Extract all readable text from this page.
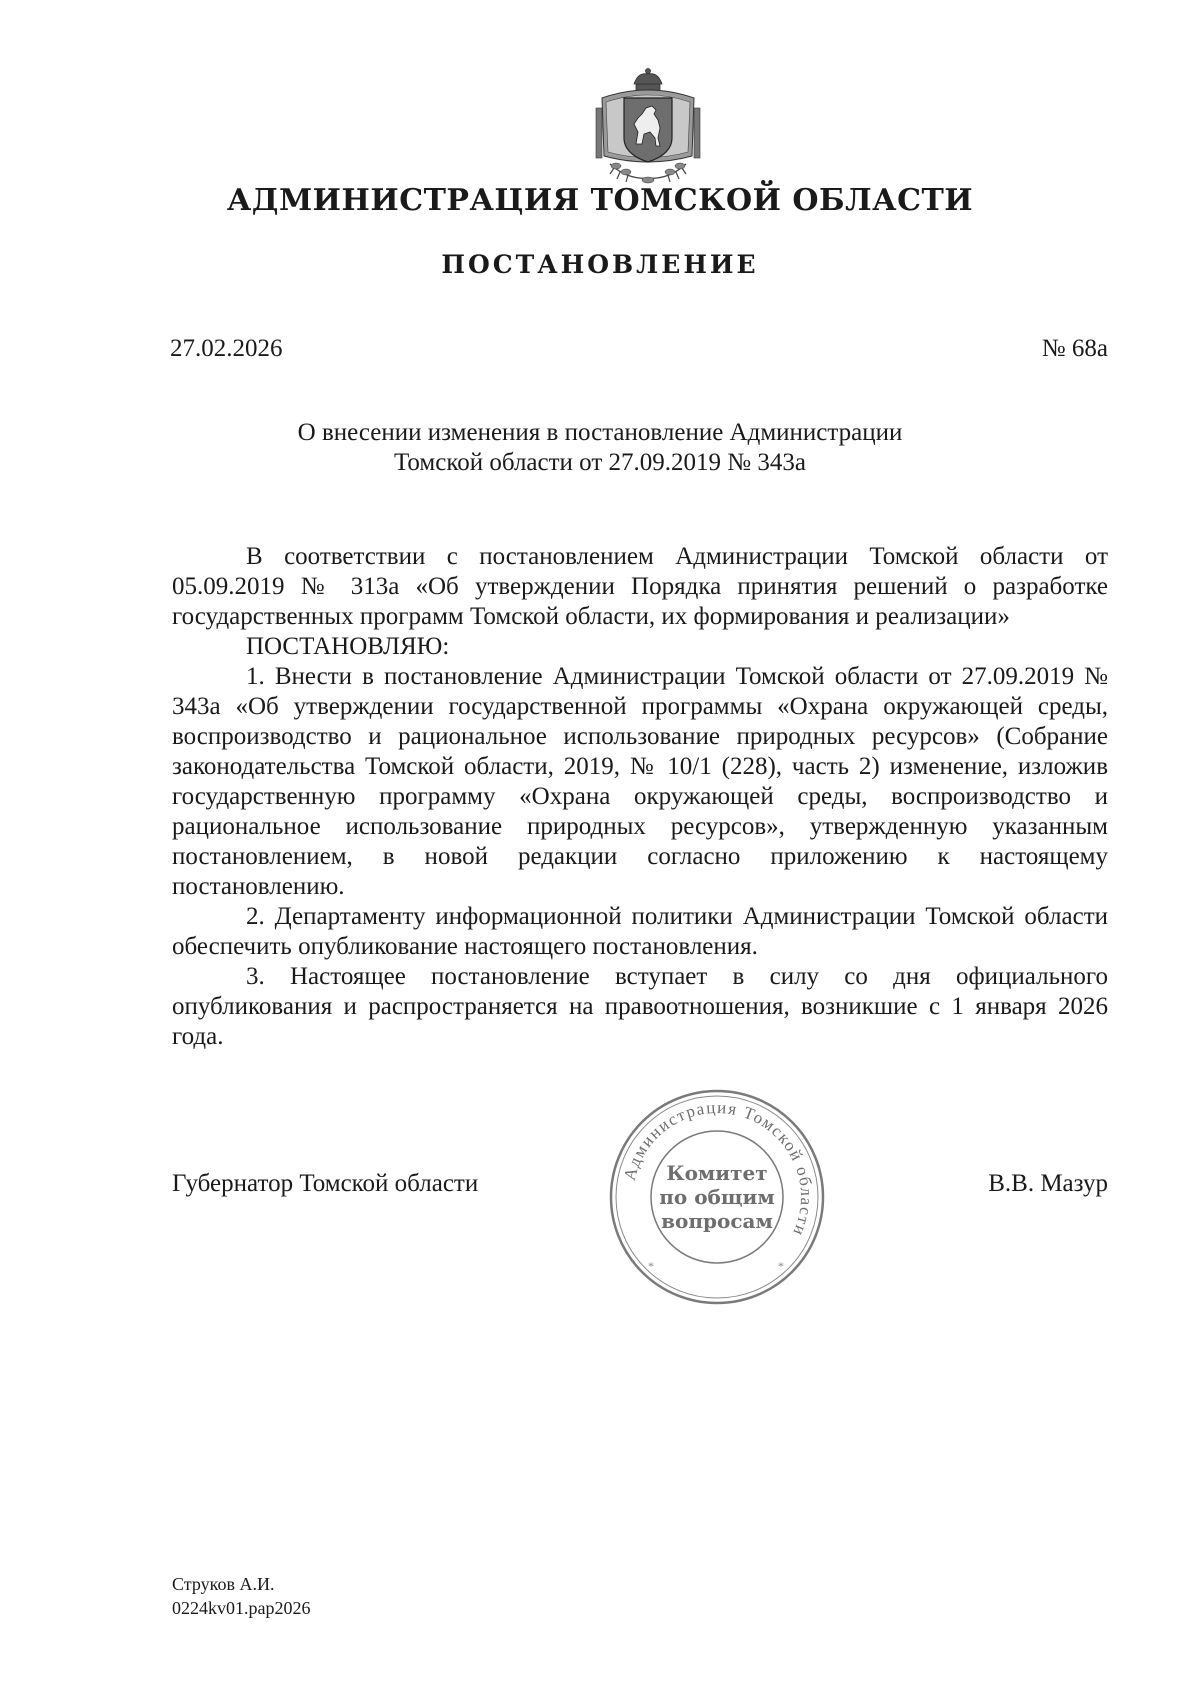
АДМИНИСТРАЦИЯ ТОМСКОЙ ОБЛАСТИ
ПОСТАНОВЛЕНИЕ
27.02.2026	№ 68а
О внесении изменения в постановление Администрации
Томской области от 27.09.2019 № 343а

В соответствии с постановлением Администрации Томской области от 05.09.2019 № 313а «Об утверждении Порядка принятия решений о разработке государственных программ Томской области, их формирования и реализации»

ПОСТАНОВЛЯЮ:

1. Внести в постановление Администрации Томской области от 27.09.2019 № 343а «Об утверждении государственной программы «Охрана окружающей среды, воспроизводство и рациональное использование природных ресурсов» (Собрание законодательства Томской области, 2019, № 10/1 (228), часть 2) изменение, изложив государственную программу «Охрана окружающей среды, воспроизводство и рациональное использование природных ресурсов», утвержденную указанным постановлением, в новой редакции согласно приложению к настоящему постановлению.

2. Департаменту информационной политики Администрации Томской области обеспечить опубликование настоящего постановления.

3. Настоящее постановление вступает в силу со дня официального опубликования и распространяется на правоотношения, возникшие с 1 января 2026 года.

Губернатор Томской области	В.В. Мазур
Администрация Томской области
*	*
Комитет
по общим
вопросам
Струков А.И.
0224kv01.pap2026
